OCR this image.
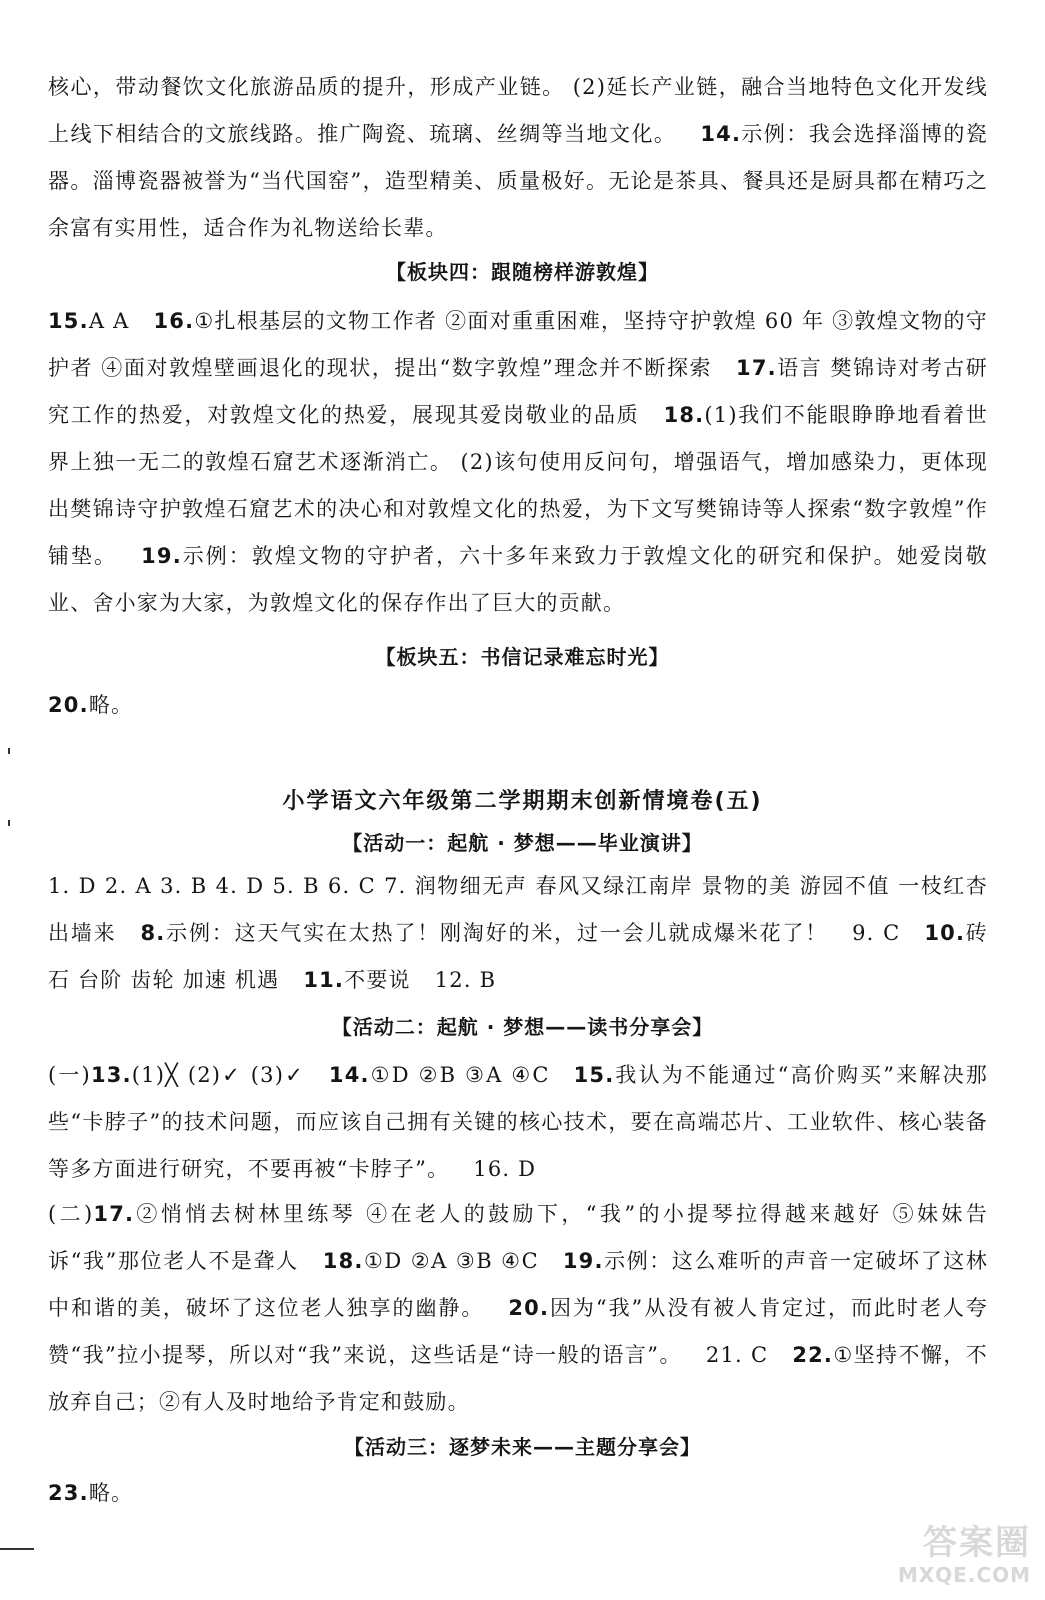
核心，带动餐饮文化旅游品质的提升，形成产业链。 (2)延长产业链，融合当地特色文化开发线上线下相结合的文旅线路。推广陶瓷、琉璃、丝绸等当地文化。 14.示例：我会选择淄博的瓷器。淄博瓷器被誉为“当代国窑”，造型精美、质量极好。无论是茶具、餐具还是厨具都在精巧之余富有实用性，适合作为礼物送给长辈。

【板块四：跟随榜样游敦煌】

15.A A 16.①扎根基层的文物工作者 ②面对重重困难，坚持守护敦煌 60 年 ③敦煌文物的守护者 ④面对敦煌壁画退化的现状，提出“数字敦煌”理念并不断探索 17.语言 樊锦诗对考古研究工作的热爱，对敦煌文化的热爱，展现其爱岗敬业的品质 18.(1)我们不能眼睁睁地看着世界上独一无二的敦煌石窟艺术逐渐消亡。 (2)该句使用反问句，增强语气，增加感染力，更体现出樊锦诗守护敦煌石窟艺术的决心和对敦煌文化的热爱，为下文写樊锦诗等人探索“数字敦煌”作铺垫。 19.示例：敦煌文物的守护者，六十多年来致力于敦煌文化的研究和保护。她爱岗敬业、舍小家为大家，为敦煌文化的保存作出了巨大的贡献。

【板块五：书信记录难忘时光】

20.略。

小学语文六年级第二学期期末创新情境卷(五)
【活动一：起航 · 梦想——毕业演讲】

1. D 2. A 3. B 4. D 5. B 6. C 7. 润物细无声 春风又绿江南岸 景物的美 游园不值 一枝红杏出墙来 8.示例：这天气实在太热了！刚淘好的米，过一会儿就成爆米花了！ 9. C 10.砖石 台阶 齿轮 加速 机遇 11.不要说 12. B

【活动二：起航 · 梦想——读书分享会】

(一)13.(1)╳ (2)✓ (3)✓ 14.①D ②B ③A ④C 15.我认为不能通过“高价购买”来解决那些“卡脖子”的技术问题，而应该自己拥有关键的核心技术，要在高端芯片、工业软件、核心装备等多方面进行研究，不要再被“卡脖子”。 16. D

(二)17.②悄悄去树林里练琴 ④在老人的鼓励下，“我”的小提琴拉得越来越好 ⑤妹妹告诉“我”那位老人不是聋人 18.①D ②A ③B ④C 19.示例：这么难听的声音一定破坏了这林中和谐的美，破坏了这位老人独享的幽静。 20.因为“我”从没有被人肯定过，而此时老人夸赞“我”拉小提琴，所以对“我”来说，这些话是“诗一般的语言”。 21. C 22.①坚持不懈，不放弃自己；②有人及时地给予肯定和鼓励。

【活动三：逐梦未来——主题分享会】

23.略。

答案圈
MXQE.COM
